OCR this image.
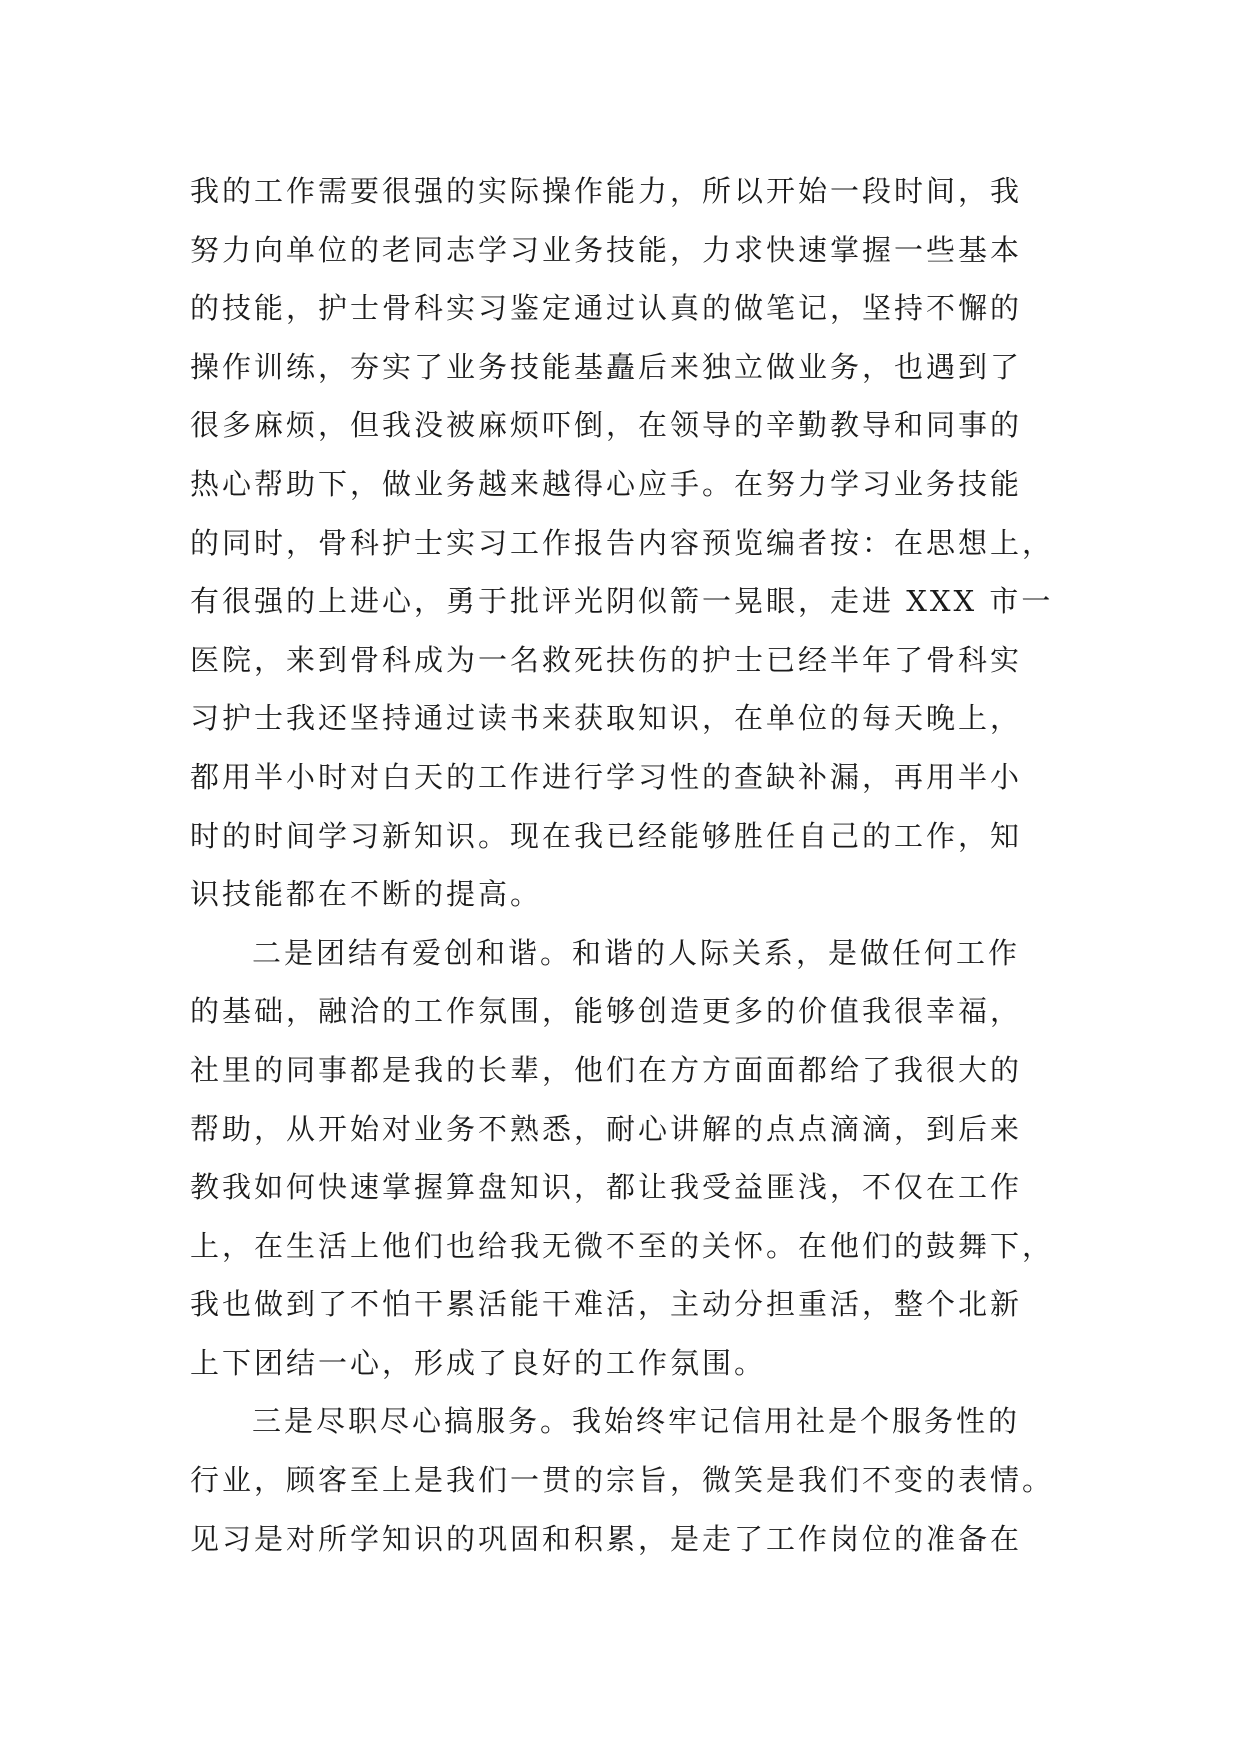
我的工作需要很强的实际操作能力，所以开始一段时间，我
努力向单位的老同志学习业务技能，力求快速掌握一些基本
的技能，护士骨科实习鉴定通过认真的做笔记，坚持不懈的
操作训练，夯实了业务技能基矗后来独立做业务，也遇到了
很多麻烦，但我没被麻烦吓倒，在领导的辛勤教导和同事的
热心帮助下，做业务越来越得心应手。在努力学习业务技能
的同时，骨科护士实习工作报告内容预览编者按：在思想上，
有很强的上进心，勇于批评光阴似箭一晃眼，走进 XXX 市一
医院，来到骨科成为一名救死扶伤的护士已经半年了骨科实
习护士我还坚持通过读书来获取知识，在单位的每天晚上，
都用半小时对白天的工作进行学习性的查缺补漏，再用半小
时的时间学习新知识。现在我已经能够胜任自己的工作，知
识技能都在不断的提高。
二是团结有爱创和谐。和谐的人际关系，是做任何工作
的基础，融洽的工作氛围，能够创造更多的价值我很幸福，
社里的同事都是我的长辈，他们在方方面面都给了我很大的
帮助，从开始对业务不熟悉，耐心讲解的点点滴滴，到后来
教我如何快速掌握算盘知识，都让我受益匪浅，不仅在工作
上，在生活上他们也给我无微不至的关怀。在他们的鼓舞下，
我也做到了不怕干累活能干难活，主动分担重活，整个北新
上下团结一心，形成了良好的工作氛围。
三是尽职尽心搞服务。我始终牢记信用社是个服务性的
行业，顾客至上是我们一贯的宗旨，微笑是我们不变的表情。
见习是对所学知识的巩固和积累，是走了工作岗位的准备在
